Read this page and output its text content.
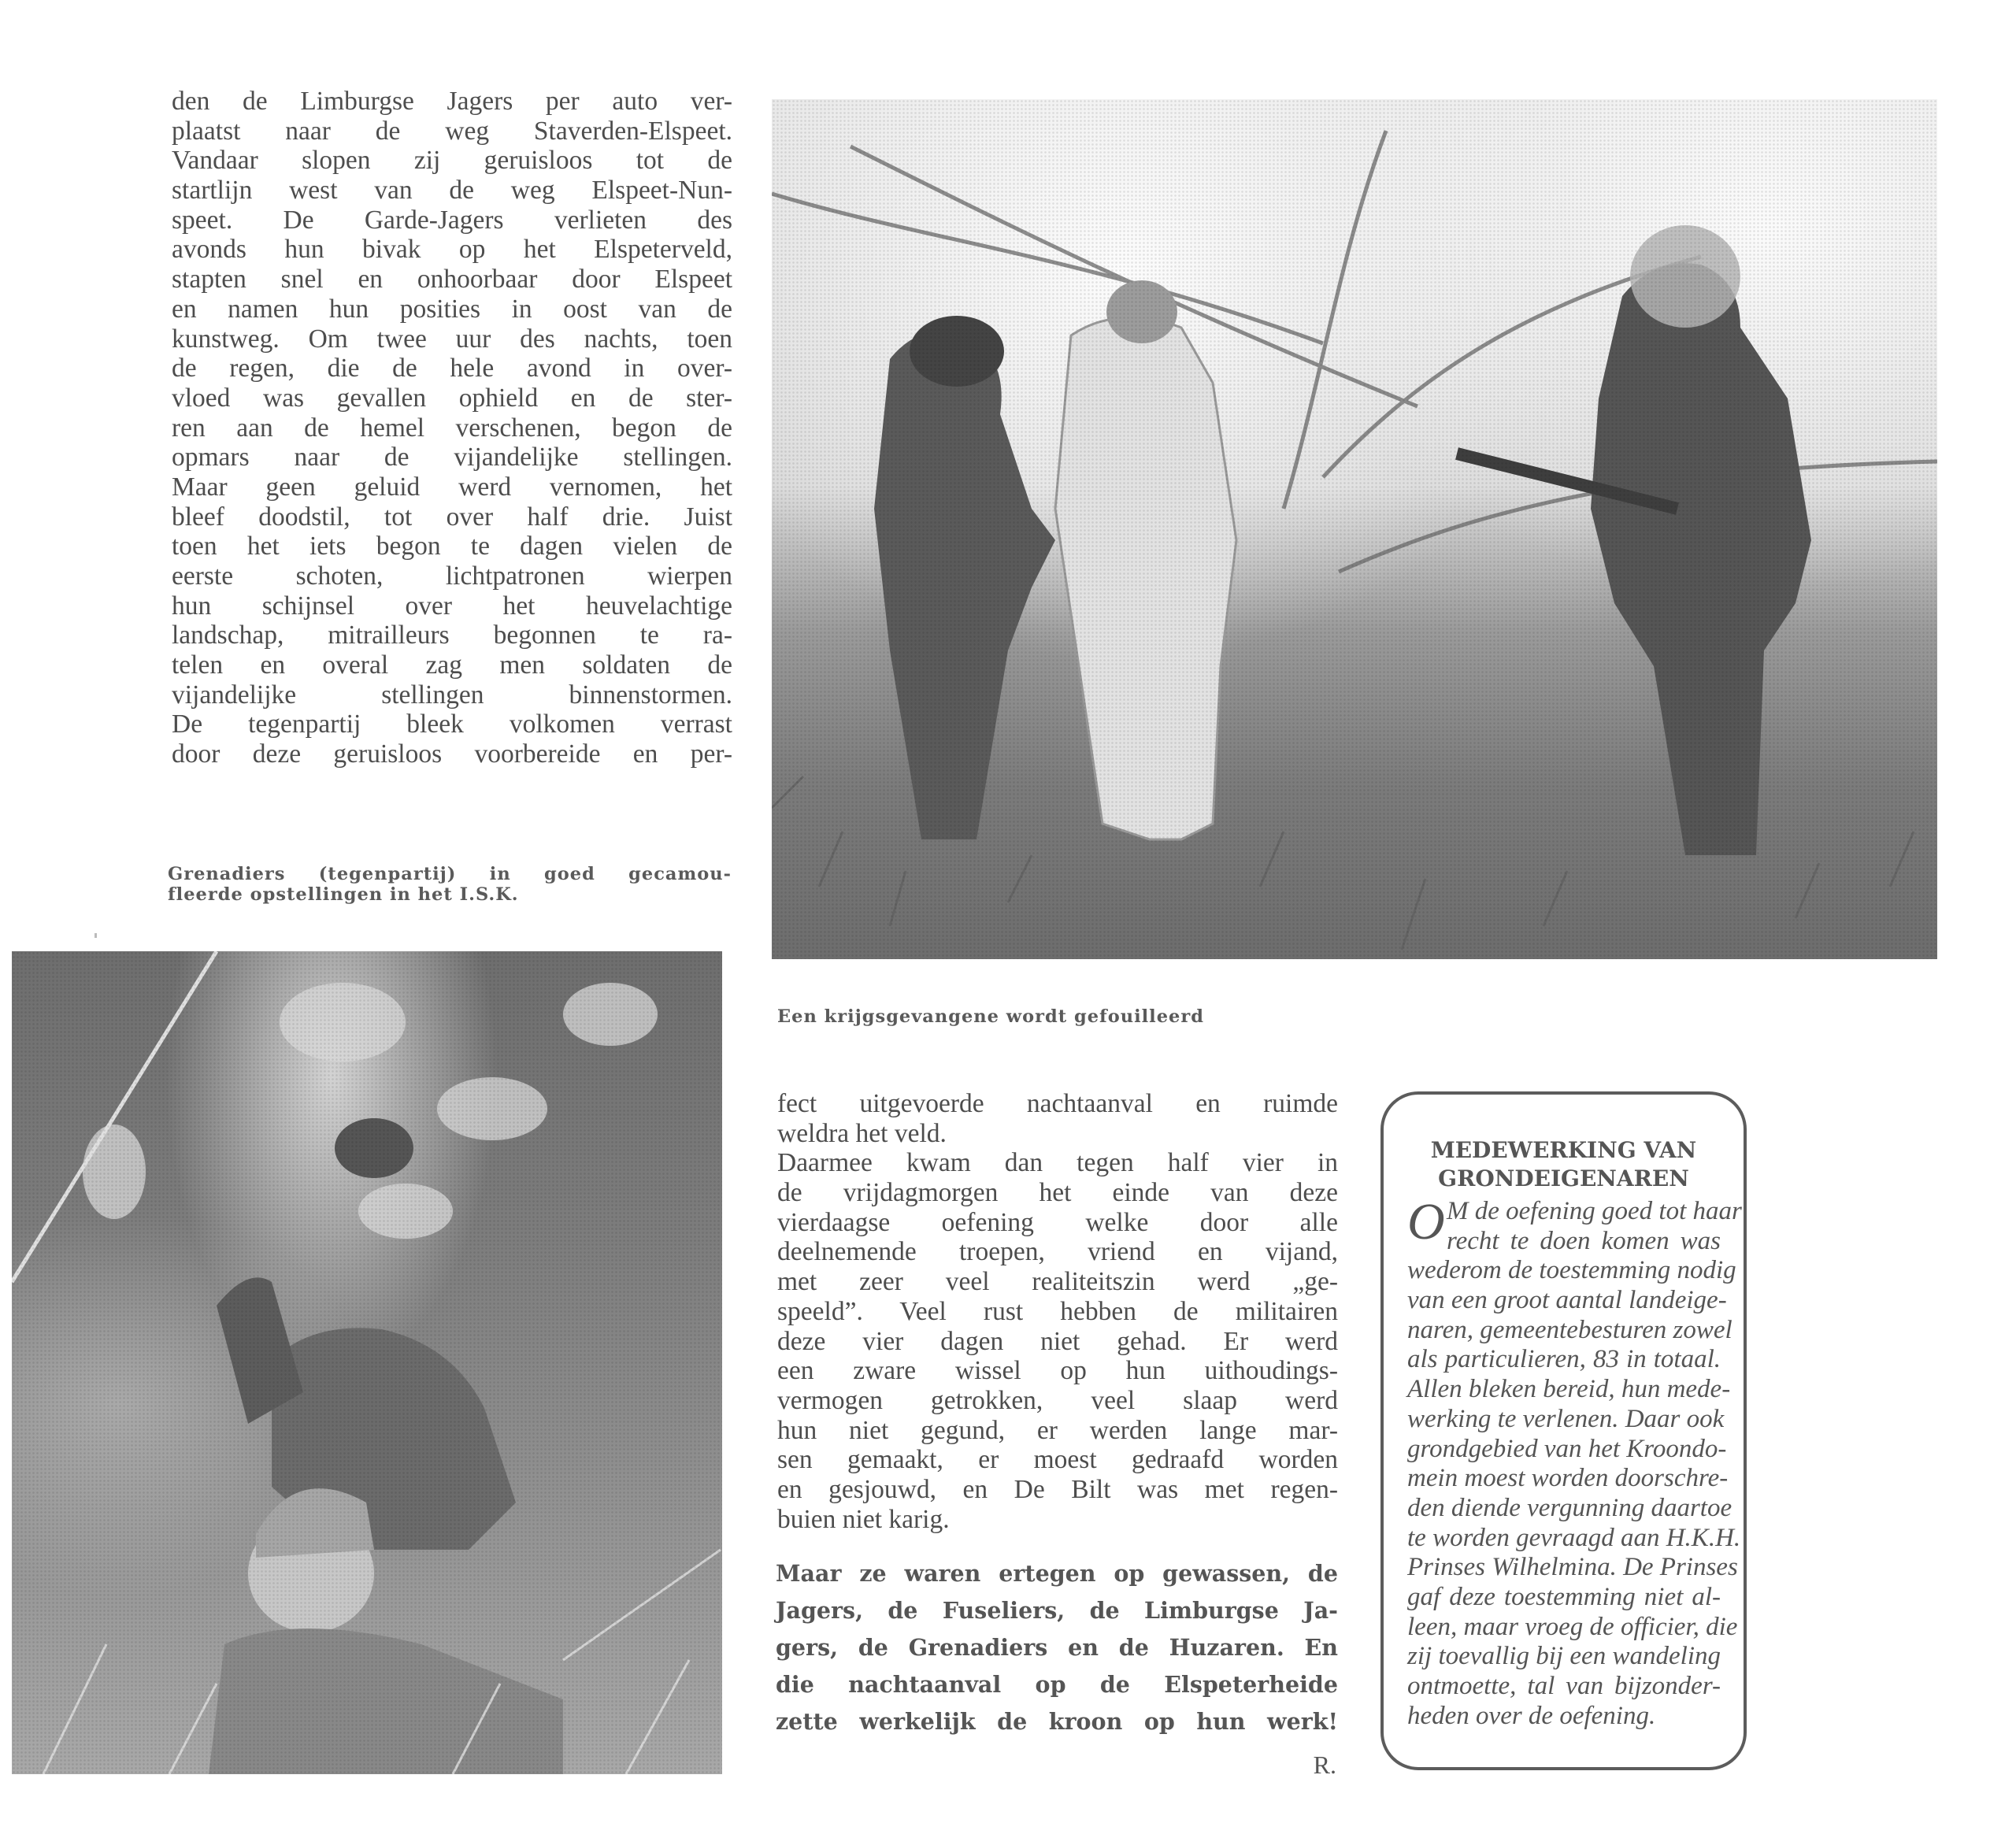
den de Limburgse Jagers per auto ver-
plaatst naar de weg Staverden-Elspeet.
Vandaar slopen zij geruisloos tot de
startlijn west van de weg Elspeet-Nun-
speet. De Garde-Jagers verlieten des
avonds hun bivak op het Elspeterveld,
stapten snel en onhoorbaar door Elspeet
en namen hun posities in oost van de
kunstweg. Om twee uur des nachts, toen
de regen, die de hele avond in over-
vloed was gevallen ophield en de ster-
ren aan de hemel verschenen, begon de
opmars naar de vijandelijke stellingen.
Maar geen geluid werd vernomen, het
bleef doodstil, tot over half drie. Juist
toen het iets begon te dagen vielen de
eerste schoten, lichtpatronen wierpen
hun schijnsel over het heuvelachtige
landschap, mitrailleurs begonnen te ra-
telen en overal zag men soldaten de
vijandelijke stellingen binnenstormen.
De tegenpartij bleek volkomen verrast
door deze geruisloos voorbereide en per-
Grenadiers (tegenpartij) in goed gecamou-
fleerde opstellingen in het I.S.K.
Een krijgsgevangene wordt gefouilleerd
fect uitgevoerde nachtaanval en ruimde
weldra het veld.
Daarmee kwam dan tegen half vier in
de vrijdagmorgen het einde van deze
vierdaagse oefening welke door alle
deelnemende troepen, vriend en vijand,
met zeer veel realiteitszin werd „ge-
speeld”. Veel rust hebben de militairen
deze vier dagen niet gehad. Er werd
een zware wissel op hun uithoudings-
vermogen getrokken, veel slaap werd
hun niet gegund, er werden lange mar-
sen gemaakt, er moest gedraafd worden
en gesjouwd, en De Bilt was met regen-
buien niet karig.
Maar ze waren ertegen op gewassen, de
Jagers, de Fuseliers, de Limburgse Ja-
gers, de Grenadiers en de Huzaren. En
die nachtaanval op de Elspeterheide
zette werkelijk de kroon op hun werk!
R.
MEDEWERKING VAN
GRONDEIGENAREN
O M de oefening goed tot haar
recht te doen komen was
wederom de toestemming nodig
van een groot aantal landeige-
naren, gemeentebesturen zowel
als particulieren, 83 in totaal.
Allen bleken bereid, hun mede-
werking te verlenen. Daar ook
grondgebied van het Kroondo-
mein moest worden doorschre-
den diende vergunning daartoe
te worden gevraagd aan H.K.H.
Prinses Wilhelmina. De Prinses
gaf deze toestemming niet al-
leen, maar vroeg de officier, die
zij toevallig bij een wandeling
ontmoette, tal van bijzonder-
heden over de oefening.
